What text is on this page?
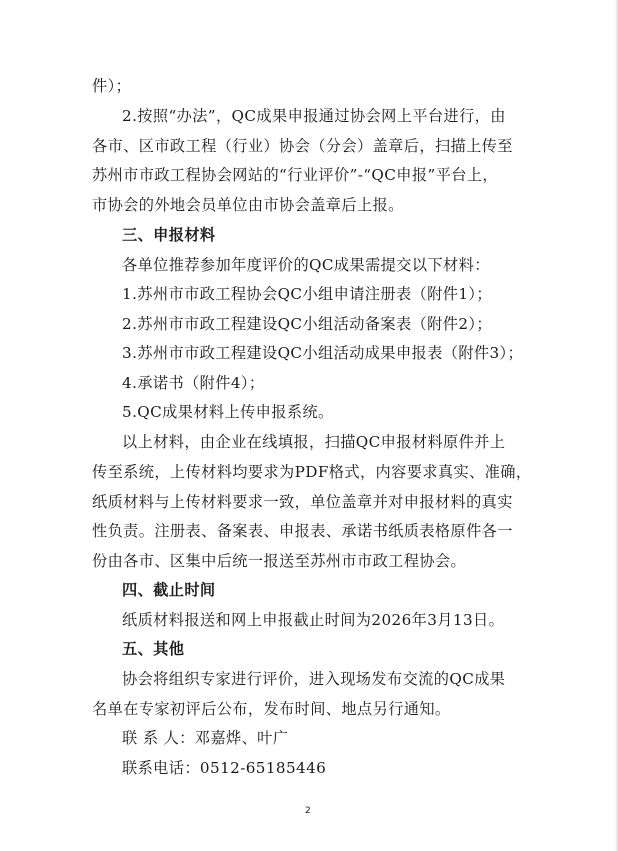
件）；
2.按照“办法”，QC成果申报通过协会网上平台进行，由
各市、区市政工程（行业）协会（分会）盖章后，扫描上传至
苏州市市政工程协会网站的“行业评价”-“QC申报”平台上，
市协会的外地会员单位由市协会盖章后上报。
三、申报材料
各单位推荐参加年度评价的QC成果需提交以下材料：
1.苏州市市政工程协会QC小组申请注册表（附件1）；
2.苏州市市政工程建设QC小组活动备案表（附件2）；
3.苏州市市政工程建设QC小组活动成果申报表（附件3）；
4.承诺书（附件4）；
5.QC成果材料上传申报系统。
以上材料，由企业在线填报，扫描QC申报材料原件并上
传至系统，上传材料均要求为PDF格式，内容要求真实、准确，
纸质材料与上传材料要求一致，单位盖章并对申报材料的真实
性负责。注册表、备案表、申报表、承诺书纸质表格原件各一
份由各市、区集中后统一报送至苏州市市政工程协会。
四、截止时间
纸质材料报送和网上申报截止时间为2026年3月13日。
五、其他
协会将组织专家进行评价，进入现场发布交流的QC成果
名单在专家初评后公布，发布时间、地点另行通知。
联 系 人：邓嘉烨、叶广
联系电话：0512-65185446
2
